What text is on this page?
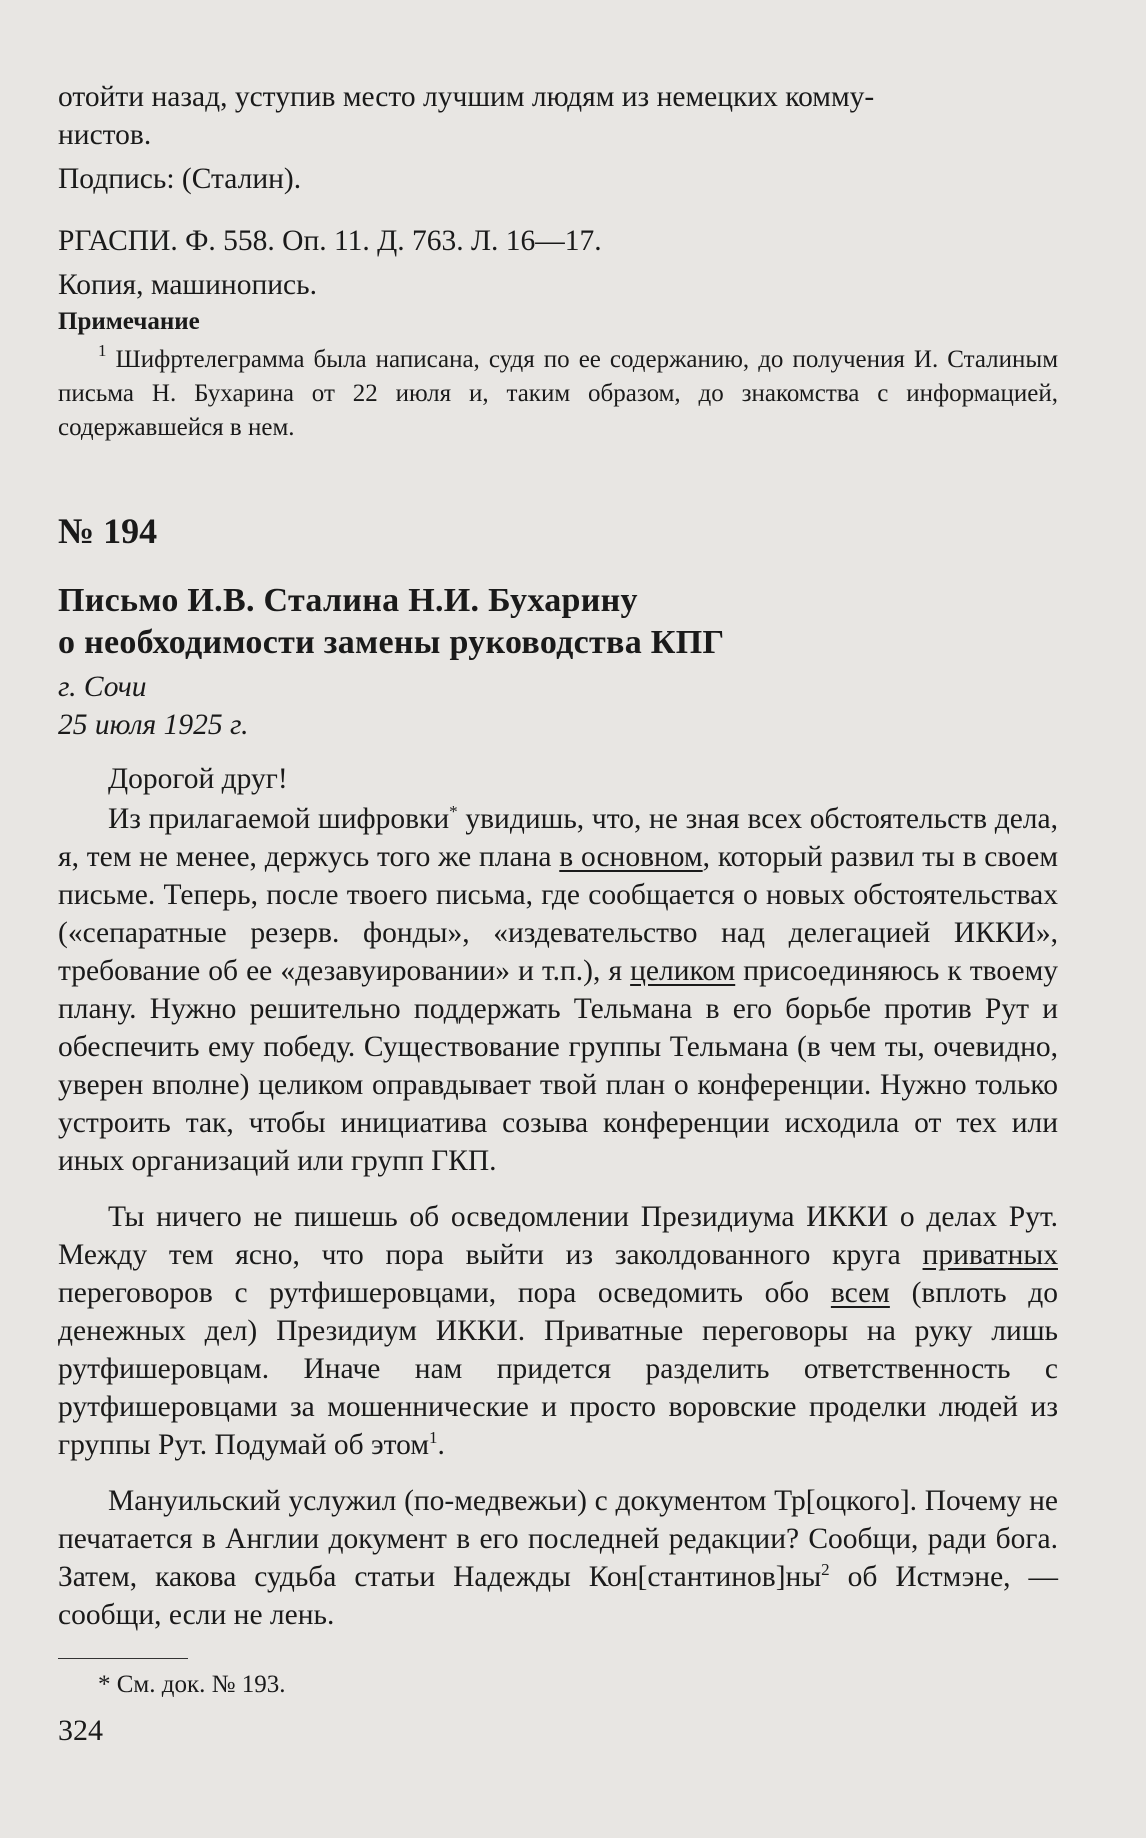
отойти назад, уступив место лучшим людям из немецких комму-

нистов.

Подпись: (Сталин).

РГАСПИ. Ф. 558. Оп. 11. Д. 763. Л. 16—17.

Копия, машинопись.

Примечание

$^1$ Шифртелеграмма была написана, судя по ее содержанию, до получения И. Сталиным письма Н. Бухарина от 22 июля и, таким образом, до знакомства с информацией, содержавшейся в нем.

№ 194

Письмо И.В. Сталина Н.И. Бухарину

о необходимости замены руководства КПГ

г. Сочи

25 июля 1925 г.

Дорогой друг!

Из прилагаемой шифровки* увидишь, что, не зная всех обстоятельств дела, я, тем не менее, держусь того же плана в основном, который развил ты в своем письме. Теперь, после твоего письма, где сообщается о новых обстоятельствах («сепаратные резерв. фонды», «издевательство над делегацией ИККИ», требование об ее «дезавуировании» и т.п.), я целиком присоединяюсь к твоему плану. Нужно решительно поддержать Тельмана в его борьбе против Рут и обеспечить ему победу. Существование группы Тельмана (в чем ты, очевидно, уверен вполне) целиком оправдывает твой план о конференции. Нужно только устроить так, чтобы инициатива созыва конференции исходила от тех или иных организаций или групп ГКП.

Ты ничего не пишешь об осведомлении Президиума ИККИ о делах Рут. Между тем ясно, что пора выйти из заколдованного круга приватных переговоров с рутфишеровцами, пора осведомить обо всем (вплоть до денежных дел) Президиум ИККИ. Приватные переговоры на руку лишь рутфишеровцам. Иначе нам придется разделить ответственность с рутфишеровцами за мошеннические и просто воровские проделки людей из группы Рут. Подумай об этом$^1$.

Мануильский услужил (по-медвежьи) с документом Тр[оцкого]. Почему не печатается в Англии документ в его последней редакции? Сообщи, ради бога. Затем, какова судьба статьи Надежды $Кон[стантинов]ны^2$ об Истмэне, — сообщи, если не лень.

* См. док. № 193.

324
